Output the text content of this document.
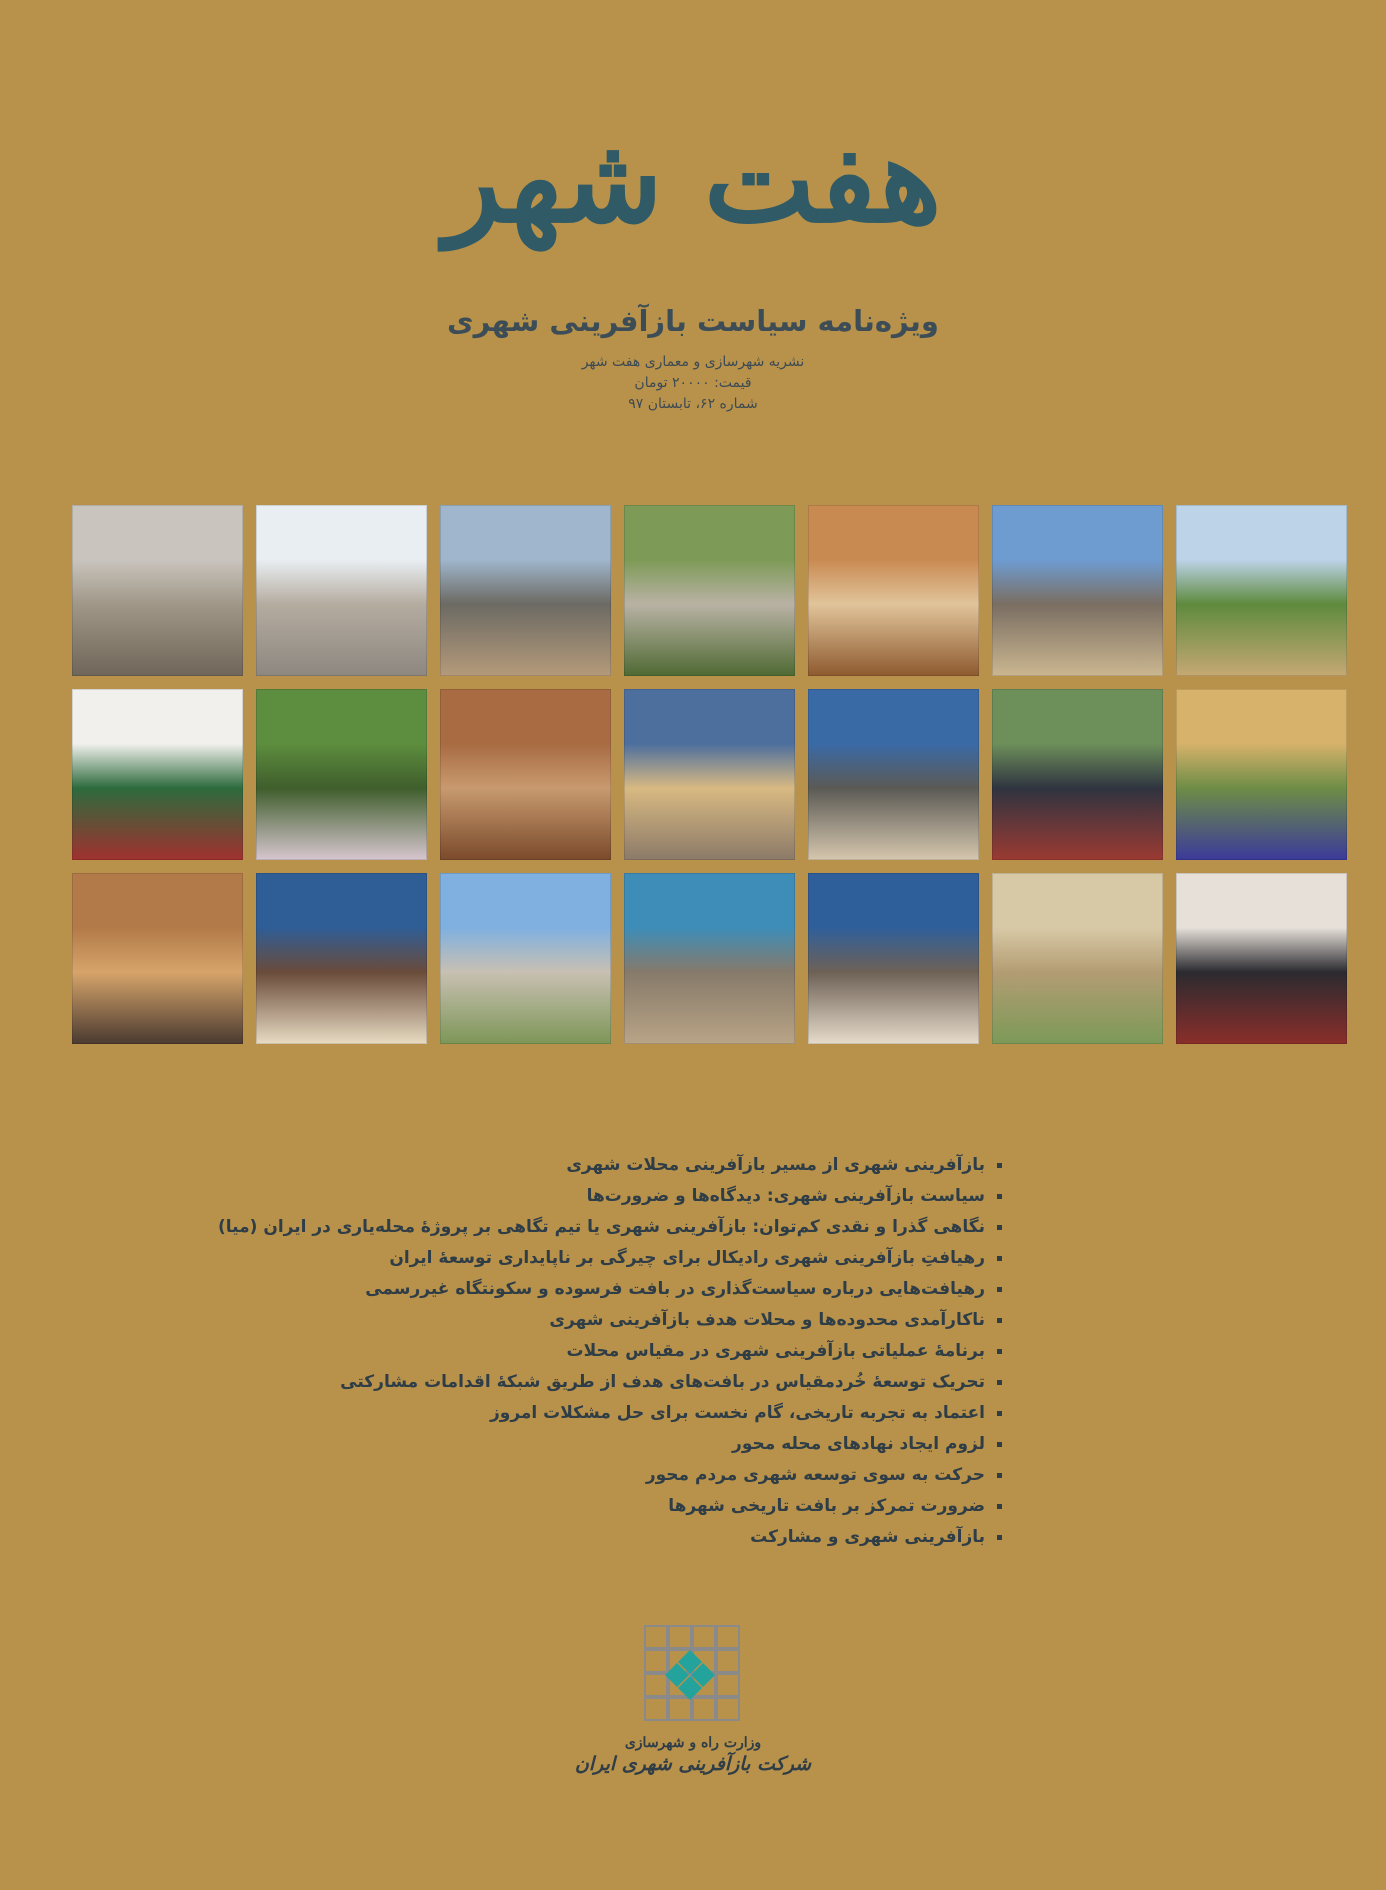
هفت شهر
ویژه‌نامه سیاست بازآفرینی شهری
نشریه شهرسازی و معماری هفت شهر
قیمت: ۲۰۰۰۰ تومان
شماره ۶۲، تابستان ۹۷
بازآفرینی شهری از مسیر بازآفرینی محلات شهری
سیاست بازآفرینی شهری: دیدگاه‌ها و ضرورت‌ها
نگاهی گذرا و نقدی کم‌توان: بازآفرینی شهری یا تیم تگاهی بر پروژهٔ محله‌یاری در ایران (میا)
رهیافتِ بازآفرینی شهری رادیکال برای چیرگی بر ناپایداری توسعهٔ ایران
رهیافت‌هایی درباره سیاست‌گذاری در بافت فرسوده و سکونتگاه غیررسمی
ناکارآمدی محدوده‌ها و محلات هدف بازآفرینی شهری
برنامهٔ عملیاتی بازآفرینی شهری در مقیاس محلات
تحریک توسعهٔ خُردمقیاس در بافت‌های هدف از طریق شبکهٔ اقدامات مشارکتی
اعتماد به تجربه تاریخی، گام نخست برای حل مشکلات امروز
لزوم ایجاد نهادهای محله محور
حرکت به سوی توسعه شهری مردم محور
ضرورت تمرکز بر بافت تاریخی شهرها
بازآفرینی شهری و مشارکت
وزارت راه و شهرسازی
شرکت بازآفرینی شهری ایران
